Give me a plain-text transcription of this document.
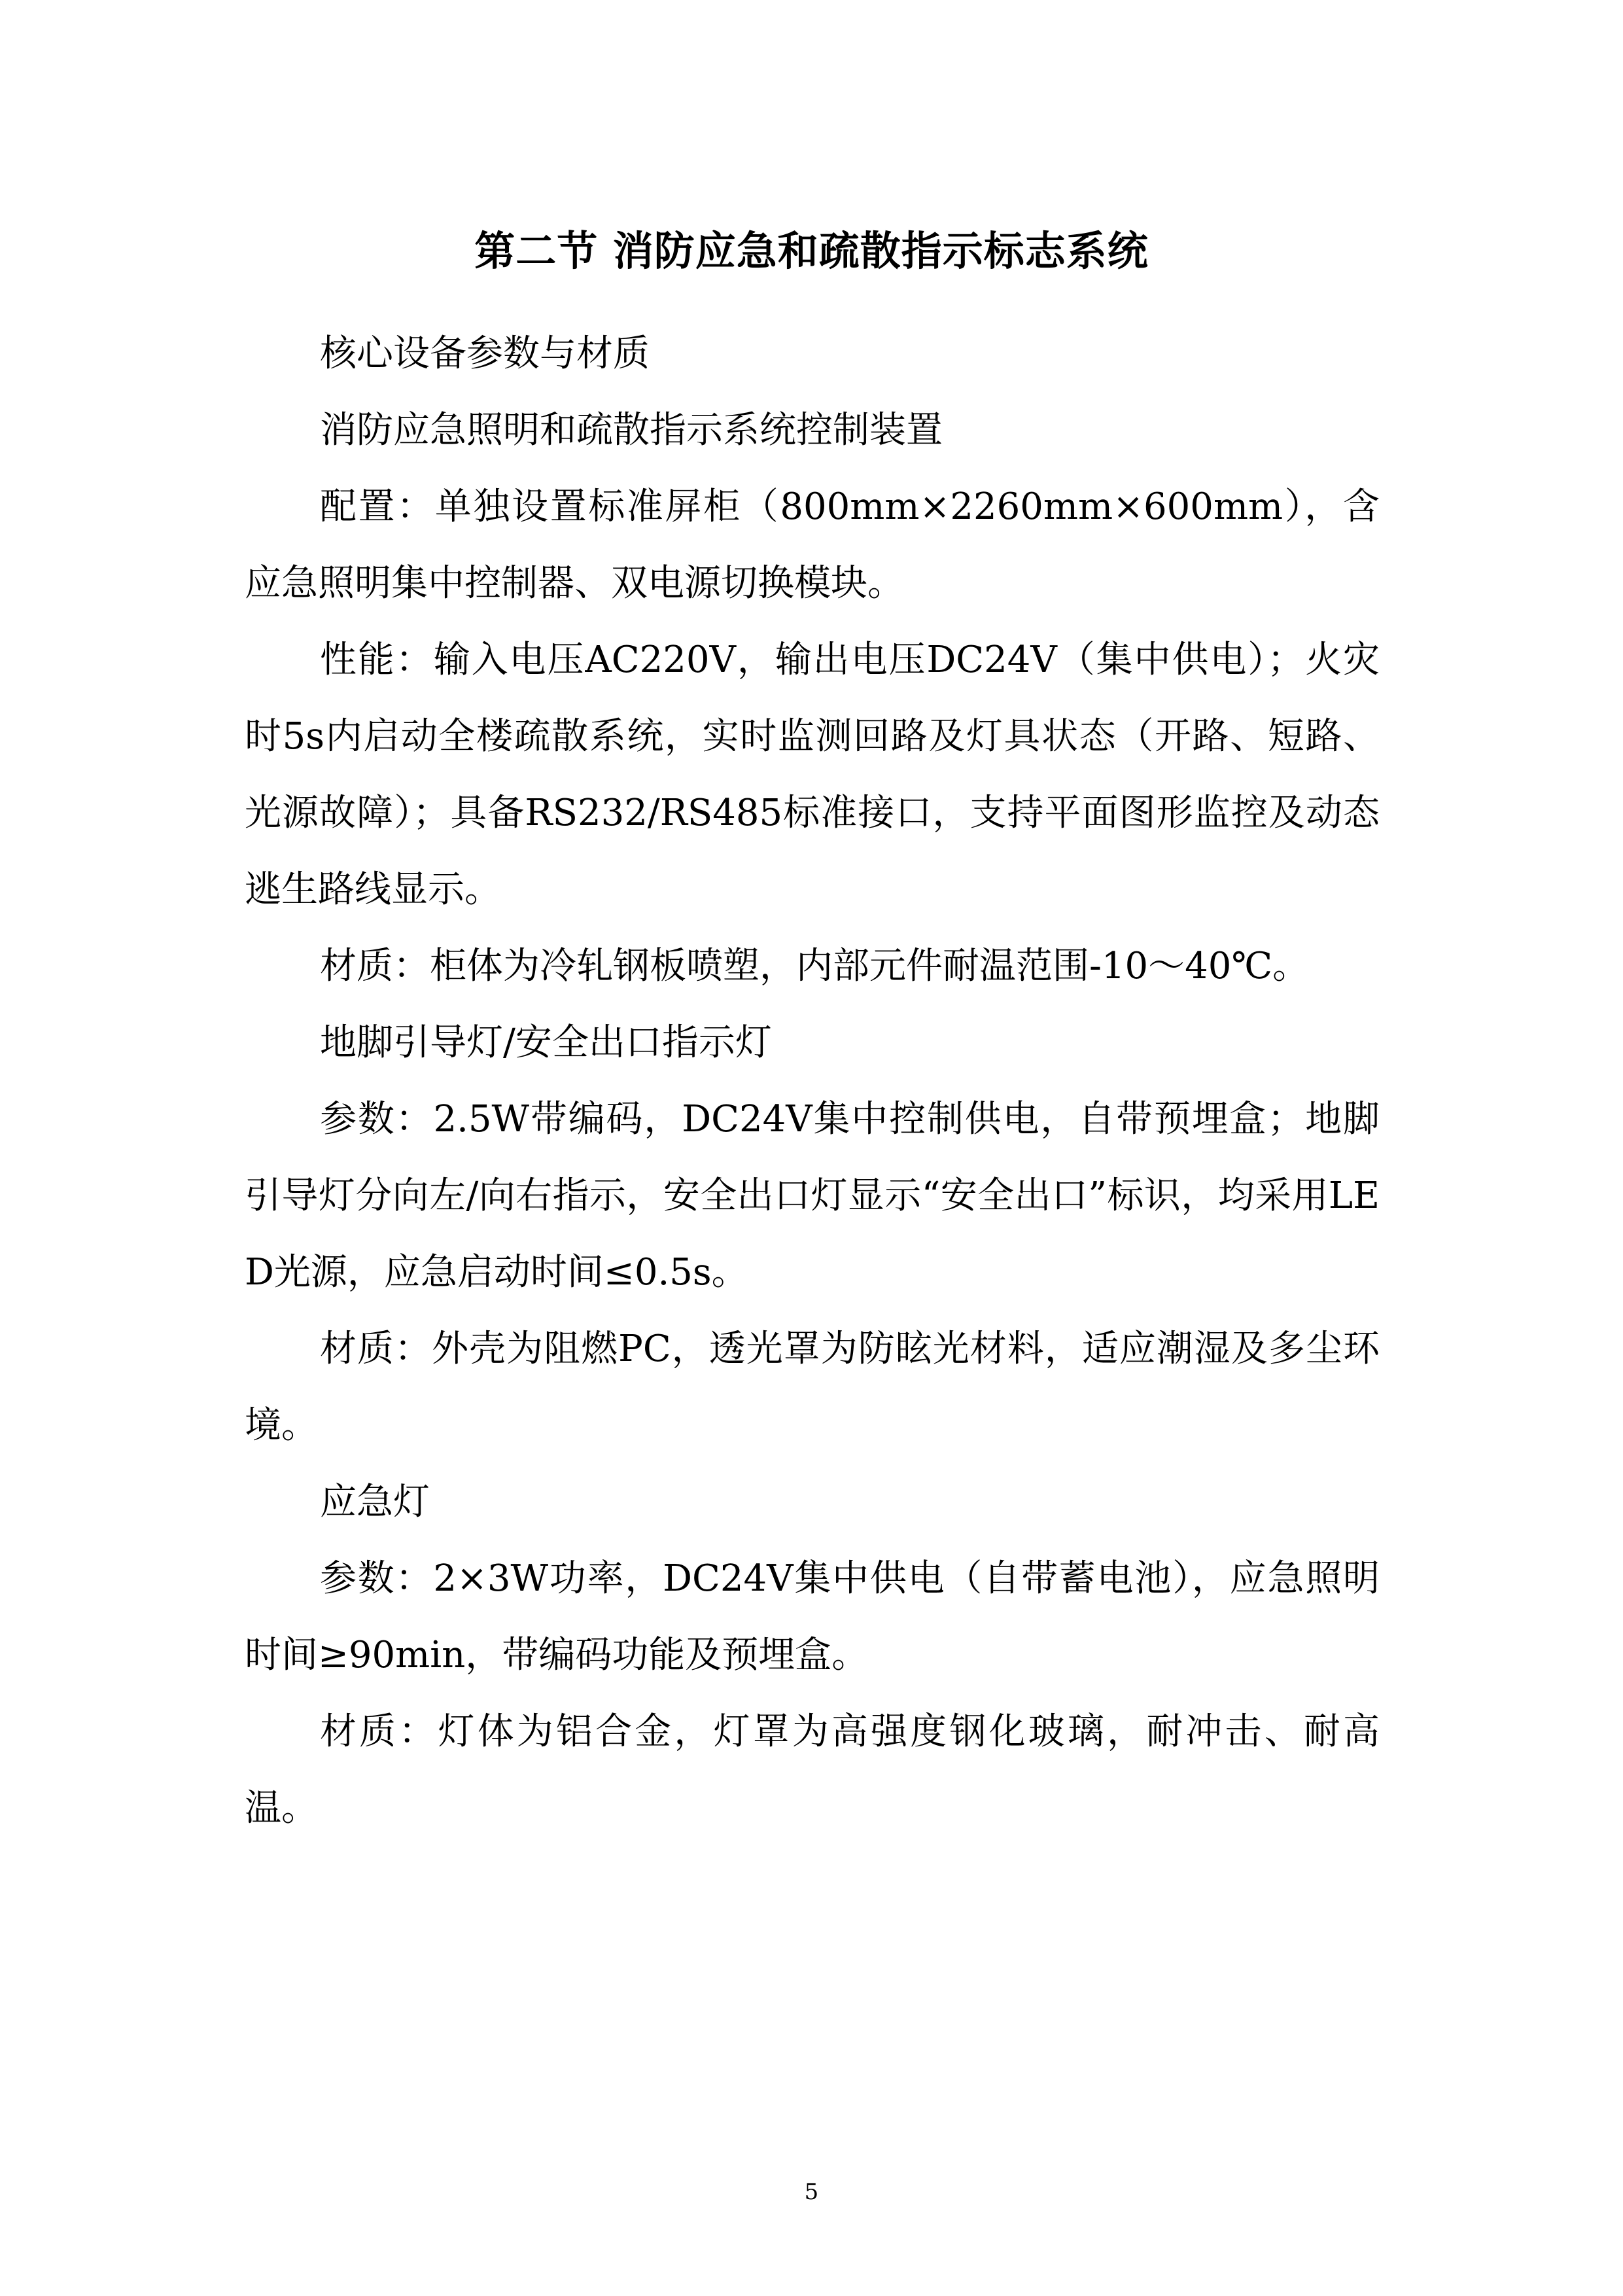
第二节 消防应急和疏散指示标志系统

核心设备参数与材质

消防应急照明和疏散指示系统控制装置

配置：单独设置标准屏柜（800mm×2260mm×600mm），含应急照明集中控制器、双电源切换模块。

性能：输入电压AC220V，输出电压DC24V（集中供电）；火灾时5s内启动全楼疏散系统，实时监测回路及灯具状态（开路、短路、光源故障）；具备RS232/RS485标准接口，支持平面图形监控及动态逃生路线显示。

材质：柜体为冷轧钢板喷塑，内部元件耐温范围-10～40℃。

地脚引导灯/安全出口指示灯

参数：2.5W带编码，DC24V集中控制供电，自带预埋盒；地脚引导灯分向左/向右指示，安全出口灯显示“安全出口”标识，均采用LED光源，应急启动时间≤0.5s。

材质：外壳为阻燃PC，透光罩为防眩光材料，适应潮湿及多尘环境。

应急灯

参数：2×3W功率，DC24V集中供电（自带蓄电池），应急照明时间≥90min，带编码功能及预埋盒。

材质：灯体为铝合金，灯罩为高强度钢化玻璃，耐冲击、耐高温。

5
